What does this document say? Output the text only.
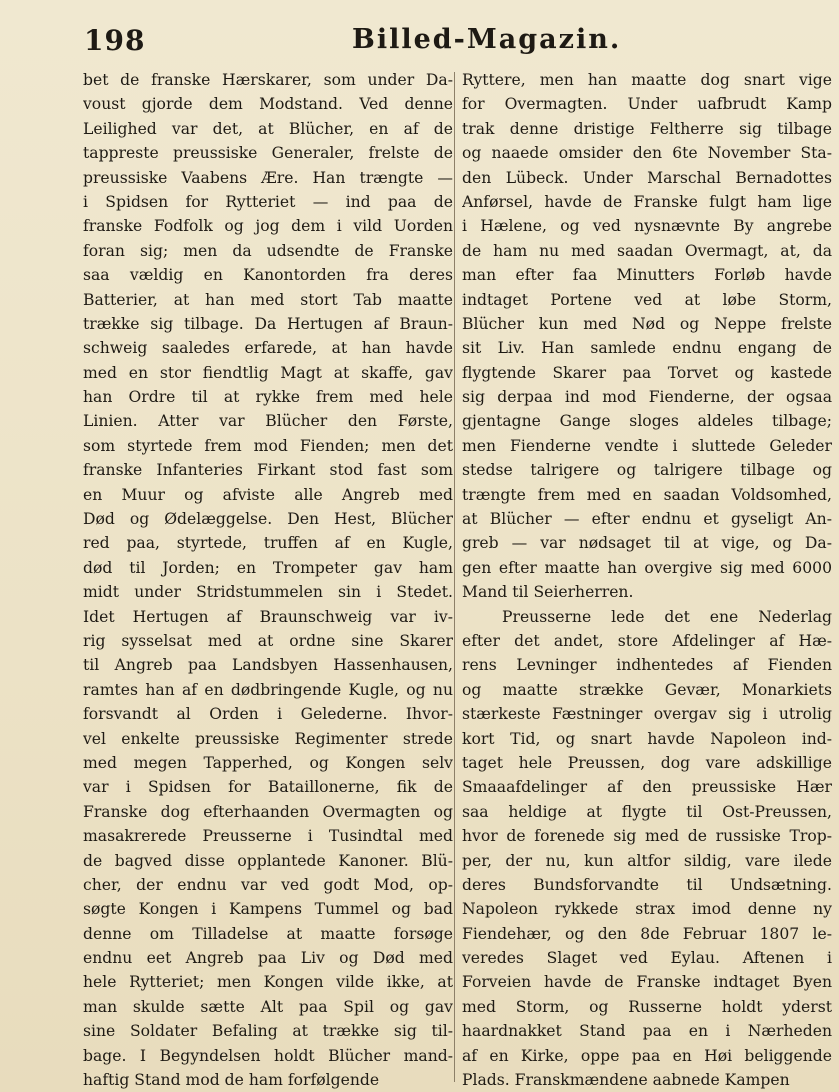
198	Billed-Magazin.
bet de franske Hærskarer, som under Da-
voust gjorde dem Modstand. Ved denne
Leilighed var det, at Blücher, en af de
tappreste preussiske Generaler, frelste de
preussiske Vaabens Ære. Han trængte —
i Spidsen for Rytteriet — ind paa de
franske Fodfolk og jog dem i vild Uorden
foran sig; men da udsendte de Franske
saa vældig en Kanontorden fra deres
Batterier, at han med stort Tab maatte
trække sig tilbage. Da Hertugen af Braun-
schweig saaledes erfarede, at han havde
med en stor fiendtlig Magt at skaffe, gav
han Ordre til at rykke frem med hele
Linien. Atter var Blücher den Første,
som styrtede frem mod Fienden; men det
franske Infanteries Firkant stod fast som
en Muur og afviste alle Angreb med
Død og Ødelæggelse. Den Hest, Blücher
red paa, styrtede, truffen af en Kugle,
død til Jorden; en Trompeter gav ham
midt under Stridstummelen sin i Stedet.
Idet Hertugen af Braunschweig var iv-
rig sysselsat med at ordne sine Skarer
til Angreb paa Landsbyen Hassenhausen,
ramtes han af en dødbringende Kugle, og nu
forsvandt al Orden i Gelederne. Ihvor-
vel enkelte preussiske Regimenter strede
med megen Tapperhed, og Kongen selv
var i Spidsen for Bataillonerne, fik de
Franske dog efterhaanden Overmagten og
masakrerede Preusserne i Tusindtal med
de bagved disse opplantede Kanoner. Blü-
cher, der endnu var ved godt Mod, op-
søgte Kongen i Kampens Tummel og bad
denne om Tilladelse at maatte forsøge
endnu eet Angreb paa Liv og Død med
hele Rytteriet; men Kongen vilde ikke, at
man skulde sætte Alt paa Spil og gav
sine Soldater Befaling at trække sig til-
bage. I Begyndelsen holdt Blücher mand-
haftig Stand mod de ham forfølgende
Ryttere, men han maatte dog snart vige
for Overmagten. Under uafbrudt Kamp
trak denne dristige Feltherre sig tilbage
og naaede omsider den 6te November Sta-
den Lübeck. Under Marschal Bernadottes
Anførsel, havde de Franske fulgt ham lige
i Hælene, og ved nysnævnte By angrebe
de ham nu med saadan Overmagt, at, da
man efter faa Minutters Forløb havde
indtaget Portene ved at løbe Storm,
Blücher kun med Nød og Neppe frelste
sit Liv. Han samlede endnu engang de
flygtende Skarer paa Torvet og kastede
sig derpaa ind mod Fienderne, der ogsaa
gjentagne Gange sloges aldeles tilbage;
men Fienderne vendte i sluttede Geleder
stedse talrigere og talrigere tilbage og
trængte frem med en saadan Voldsomhed,
at Blücher — efter endnu et gyseligt An-
greb — var nødsaget til at vige, og Da-
gen efter maatte han overgive sig med 6000
Mand til Seierherren.
Preusserne lede det ene Nederlag
efter det andet, store Afdelinger af Hæ-
rens Levninger indhentedes af Fienden
og maatte strække Gevær, Monarkiets
stærkeste Fæstninger overgav sig i utrolig
kort Tid, og snart havde Napoleon ind-
taget hele Preussen, dog vare adskillige
Smaaafdelinger af den preussiske Hær
saa heldige at flygte til Ost-Preussen,
hvor de forenede sig med de russiske Trop-
per, der nu, kun altfor sildig, vare ilede
deres Bundsforvandte til Undsætning.
Napoleon rykkede strax imod denne ny
Fiendehær, og den 8de Februar 1807 le-
veredes Slaget ved Eylau. Aftenen i
Forveien havde de Franske indtaget Byen
med Storm, og Russerne holdt yderst
haardnakket Stand paa en i Nærheden
af en Kirke, oppe paa en Høi beliggende
Plads. Franskmændene aabnede Kampen
